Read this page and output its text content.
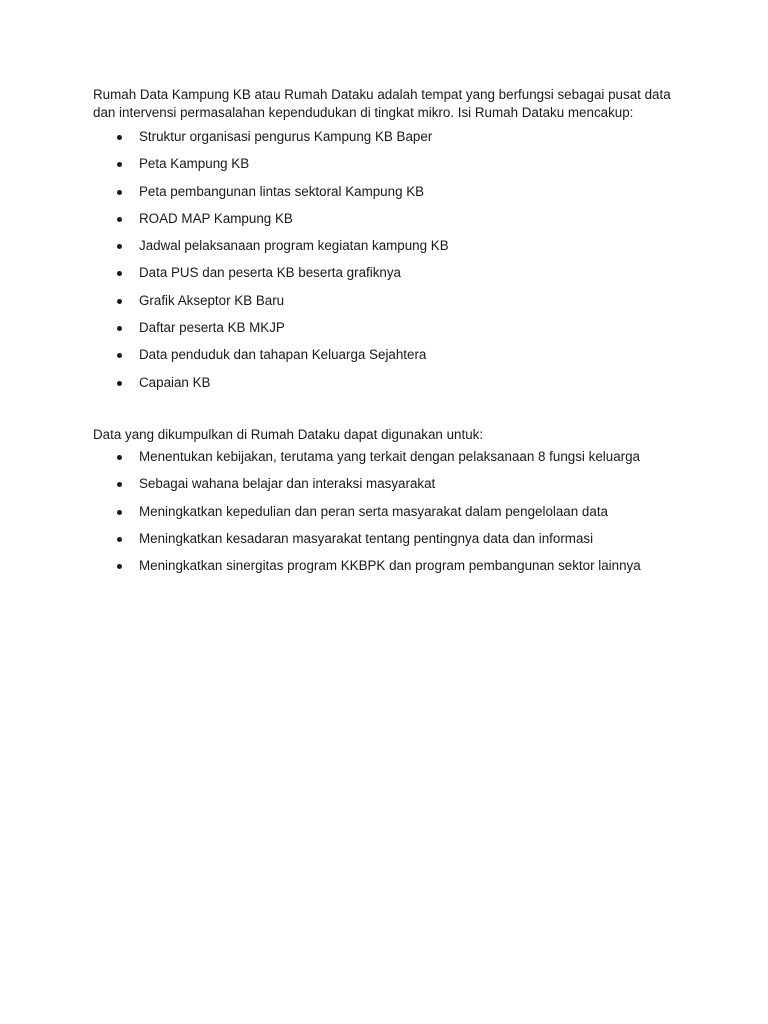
Rumah Data Kampung KB atau Rumah Dataku adalah tempat yang berfungsi sebagai pusat data dan intervensi permasalahan kependudukan di tingkat mikro. Isi Rumah Dataku mencakup:

Struktur organisasi pengurus Kampung KB Baper
Peta Kampung KB
Peta pembangunan lintas sektoral Kampung KB
ROAD MAP Kampung KB
Jadwal pelaksanaan program kegiatan kampung KB
Data PUS dan peserta KB beserta grafiknya
Grafik Akseptor KB Baru
Daftar peserta KB MKJP
Data penduduk dan tahapan Keluarga Sejahtera
Capaian KB

Data yang dikumpulkan di Rumah Dataku dapat digunakan untuk:

Menentukan kebijakan, terutama yang terkait dengan pelaksanaan 8 fungsi keluarga
Sebagai wahana belajar dan interaksi masyarakat
Meningkatkan kepedulian dan peran serta masyarakat dalam pengelolaan data
Meningkatkan kesadaran masyarakat tentang pentingnya data dan informasi
Meningkatkan sinergitas program KKBPK dan program pembangunan sektor lainnya
